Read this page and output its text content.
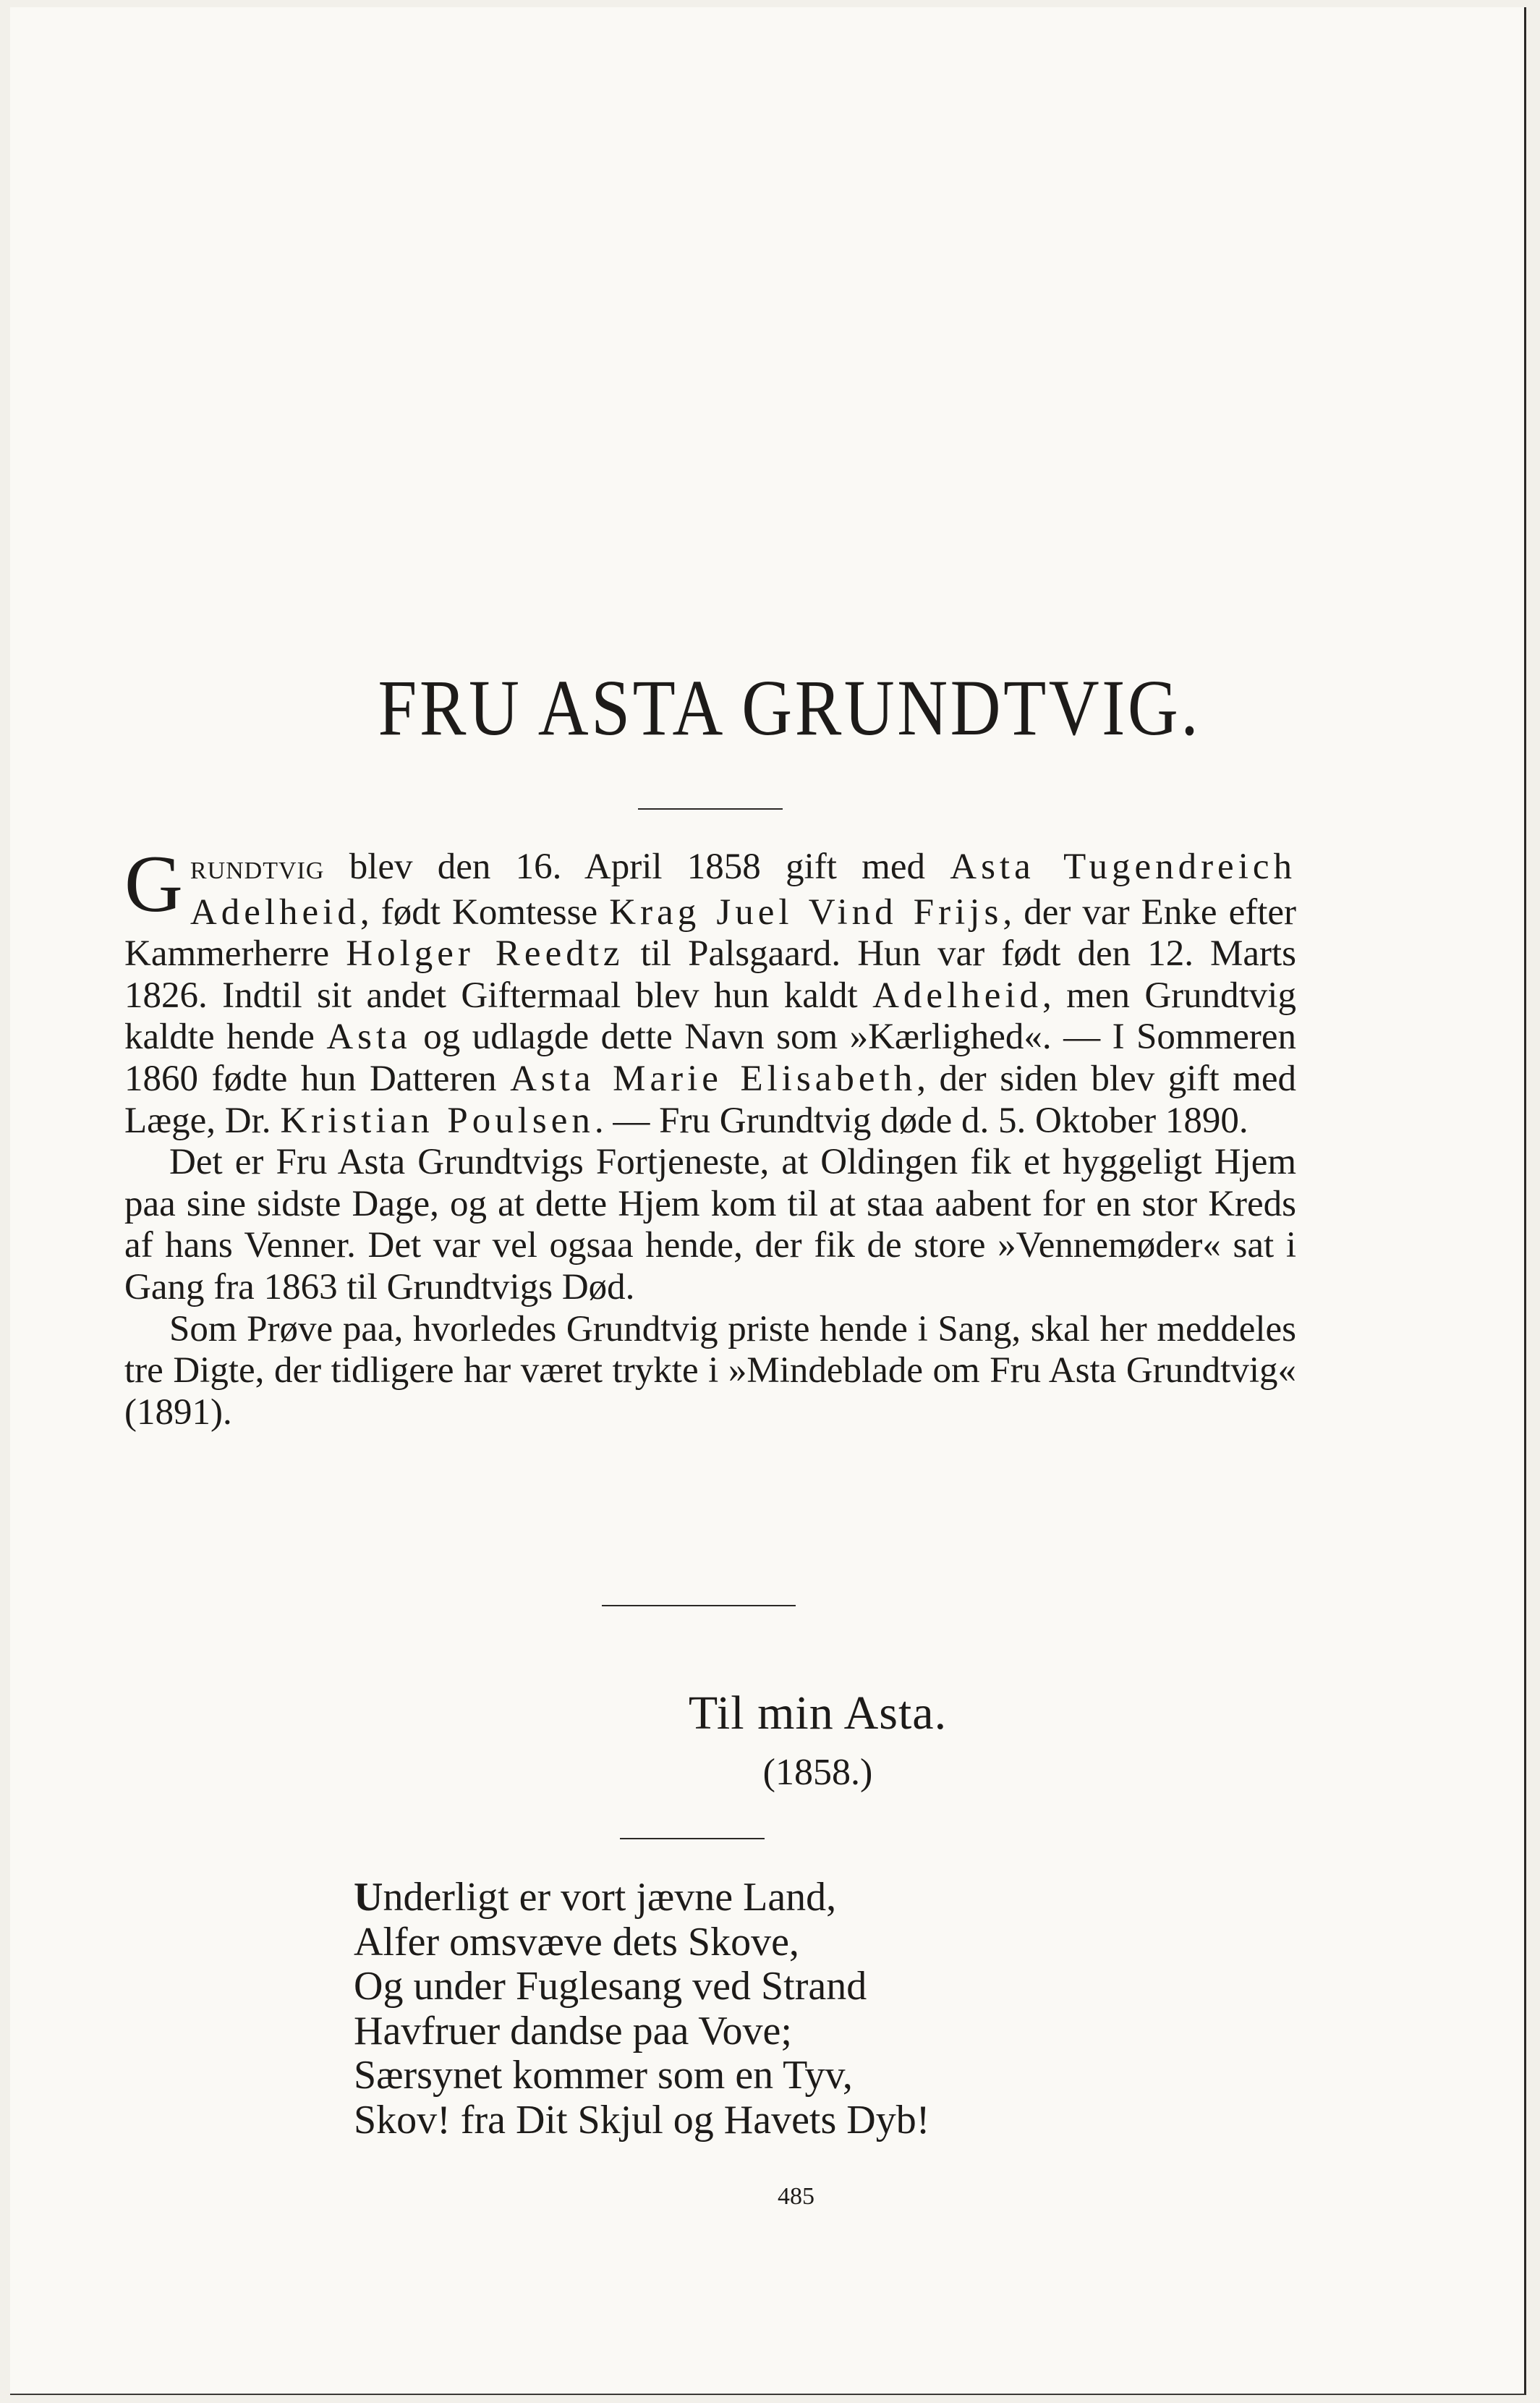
FRU ASTA GRUNDTVIG.

GRUNDTVIG blev den 16. April 1858 gift med Asta Tugendreich Adelheid, født Komtesse Krag Juel Vind Frijs, der var Enke efter Kammerherre Holger Reedtz til Palsgaard. Hun var født den 12. Marts 1826. Indtil sit andet Giftermaal blev hun kaldt Adelheid, men Grundtvig kaldte hende Asta og udlagde dette Navn som »Kærlighed«. — I Sommeren 1860 fødte hun Datteren Asta Marie Elisabeth, der siden blev gift med Læge, Dr. Kristian Poulsen. — Fru Grundtvig døde d. 5. Oktober 1890.

Det er Fru Asta Grundtvigs Fortjeneste, at Oldingen fik et hyggeligt Hjem paa sine sidste Dage, og at dette Hjem kom til at staa aabent for en stor Kreds af hans Venner. Det var vel ogsaa hende, der fik de store »Vennemøder« sat i Gang fra 1863 til Grundtvigs Død.

Som Prøve paa, hvorledes Grundtvig priste hende i Sang, skal her meddeles tre Digte, der tidligere har været trykte i »Mindeblade om Fru Asta Grundtvig« (1891).

Til min Asta.
(1858.)
Underligt er vort jævne Land,
Alfer omsvæve dets Skove,
Og under Fuglesang ved Strand
Havfruer dandse paa Vove;
Særsynet kommer som en Tyv,
Skov! fra Dit Skjul og Havets Dyb!
485
